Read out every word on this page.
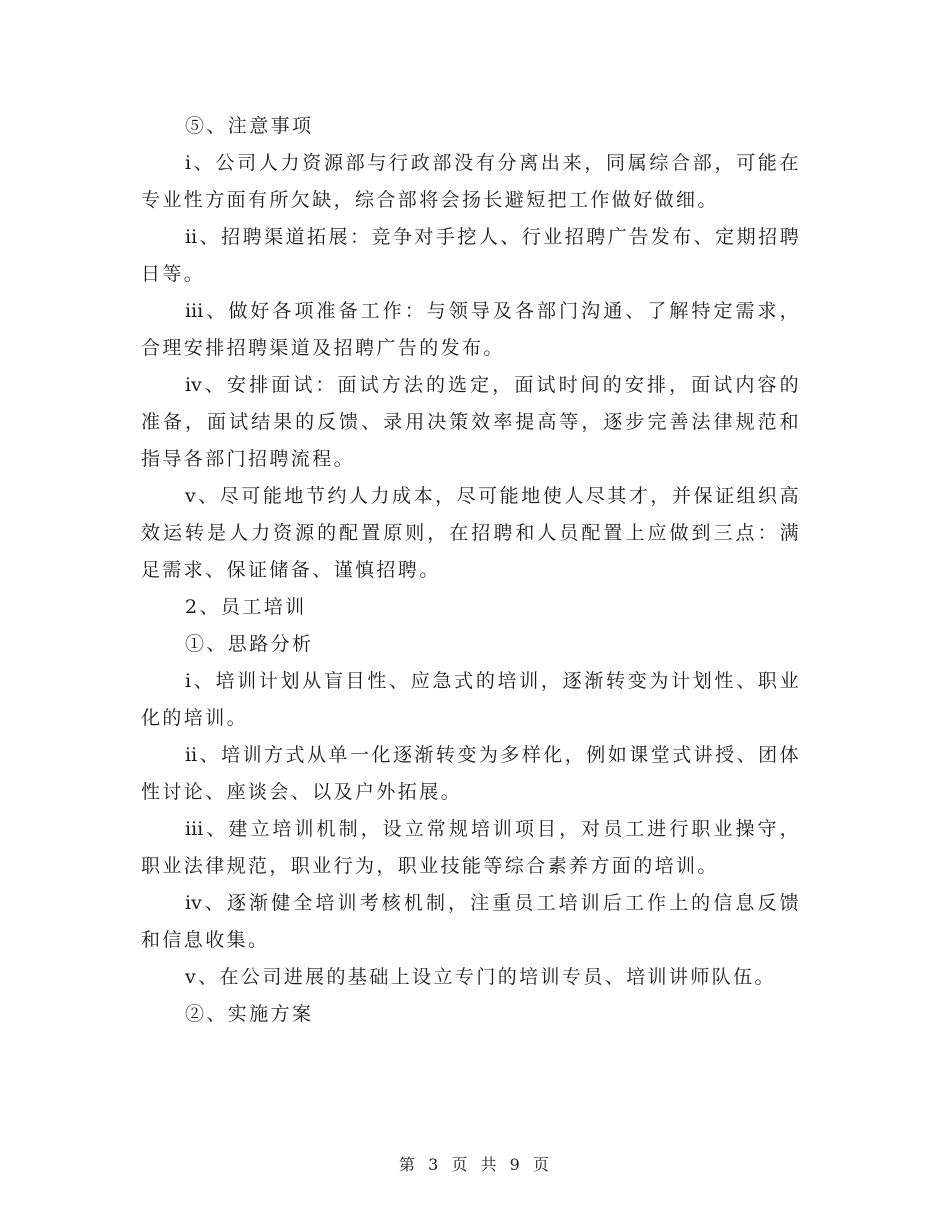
⑤、注意事项

ⅰ、公司人力资源部与行政部没有分离出来，同属综合部，可能在专业性方面有所欠缺，综合部将会扬长避短把工作做好做细。

ⅱ、招聘渠道拓展：竞争对手挖人、行业招聘广告发布、定期招聘日等。

ⅲ、做好各项准备工作：与领导及各部门沟通、了解特定需求，合理安排招聘渠道及招聘广告的发布。

ⅳ、安排面试：面试方法的选定，面试时间的安排，面试内容的准备，面试结果的反馈、录用决策效率提高等，逐步完善法律规范和指导各部门招聘流程。

ⅴ、尽可能地节约人力成本，尽可能地使人尽其才，并保证组织高效运转是人力资源的配置原则，在招聘和人员配置上应做到三点：满足需求、保证储备、谨慎招聘。

2、员工培训

①、思路分析

ⅰ、培训计划从盲目性、应急式的培训，逐渐转变为计划性、职业化的培训。

ⅱ、培训方式从单一化逐渐转变为多样化，例如课堂式讲授、团体性讨论、座谈会、以及户外拓展。

ⅲ、建立培训机制，设立常规培训项目，对员工进行职业操守，职业法律规范，职业行为，职业技能等综合素养方面的培训。

ⅳ、逐渐健全培训考核机制，注重员工培训后工作上的信息反馈和信息收集。

ⅴ、在公司进展的基础上设立专门的培训专员、培训讲师队伍。

②、实施方案

第 3 页 共 9 页
